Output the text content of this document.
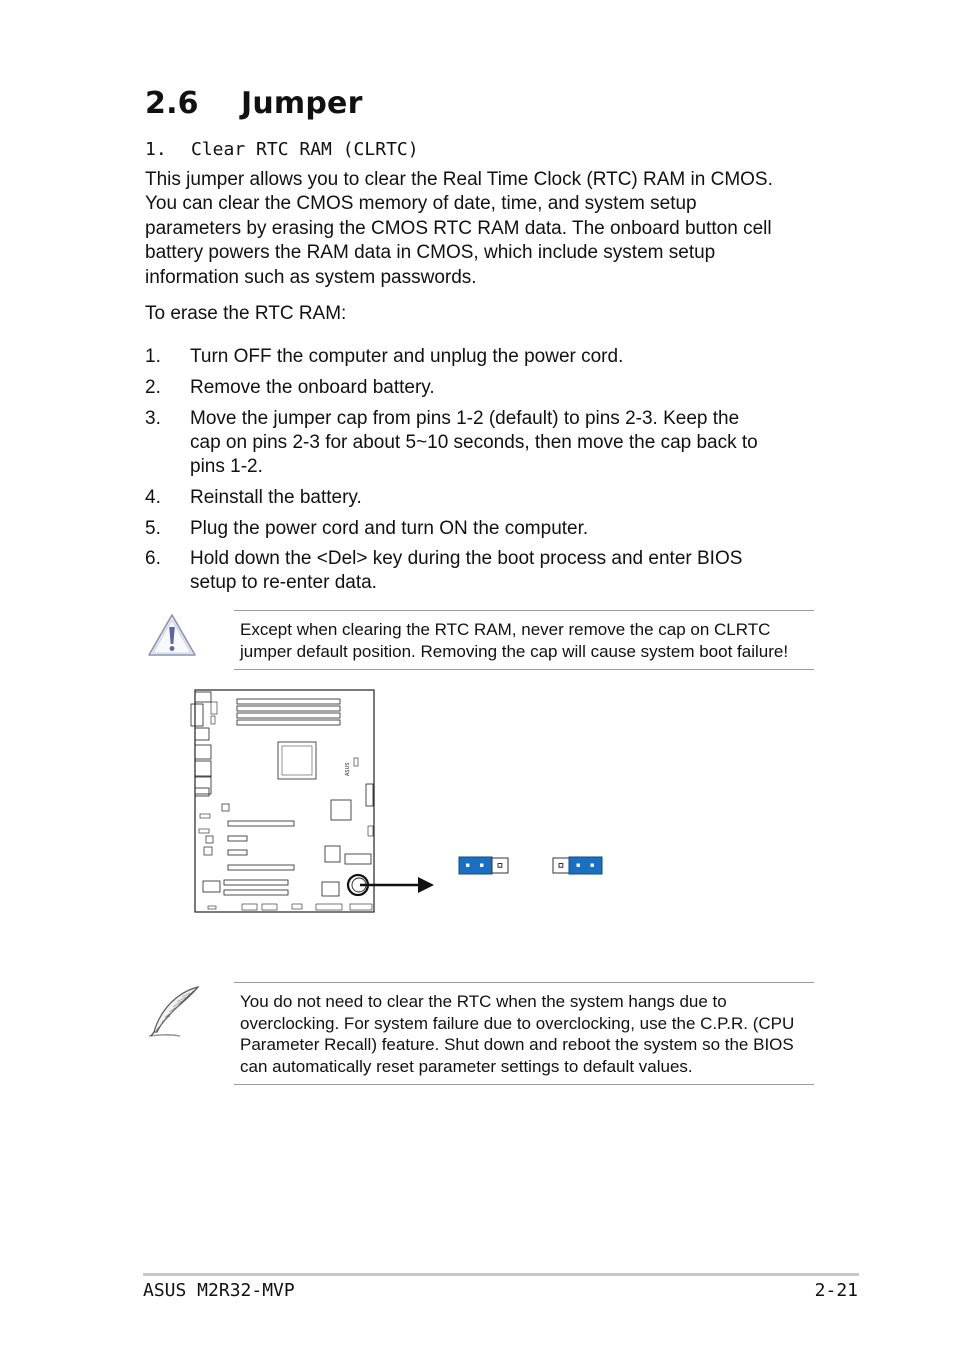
2.6 Jumper
1. Clear RTC RAM (CLRTC)
This jumper allows you to clear the Real Time Clock (RTC) RAM in CMOS.
You can clear the CMOS memory of date, time, and system setup
parameters by erasing the CMOS RTC RAM data. The onboard button cell
battery powers the RAM data in CMOS, which include system setup
information such as system passwords.
To erase the RTC RAM:
1.	Turn OFF the computer and unplug the power cord.
2.	Remove the onboard battery.
3.	Move the jumper cap from pins 1-2 (default) to pins 2-3. Keep the
cap on pins 2-3 for about 5~10 seconds, then move the cap back to
pins 1-2.
4.	Reinstall the battery.
5.	Plug the power cord and turn ON the computer.
6.	Hold down the <Del> key during the boot process and enter BIOS
setup to re-enter data.
Except when clearing the RTC RAM, never remove the cap on CLRTC
jumper default position. Removing the cap will cause system boot failure!
ASUS
You do not need to clear the RTC when the system hangs due to
overclocking. For system failure due to overclocking, use the C.P.R. (CPU
Parameter Recall) feature. Shut down and reboot the system so the BIOS
can automatically reset parameter settings to default values.
ASUS M2R32-MVP	2-21
